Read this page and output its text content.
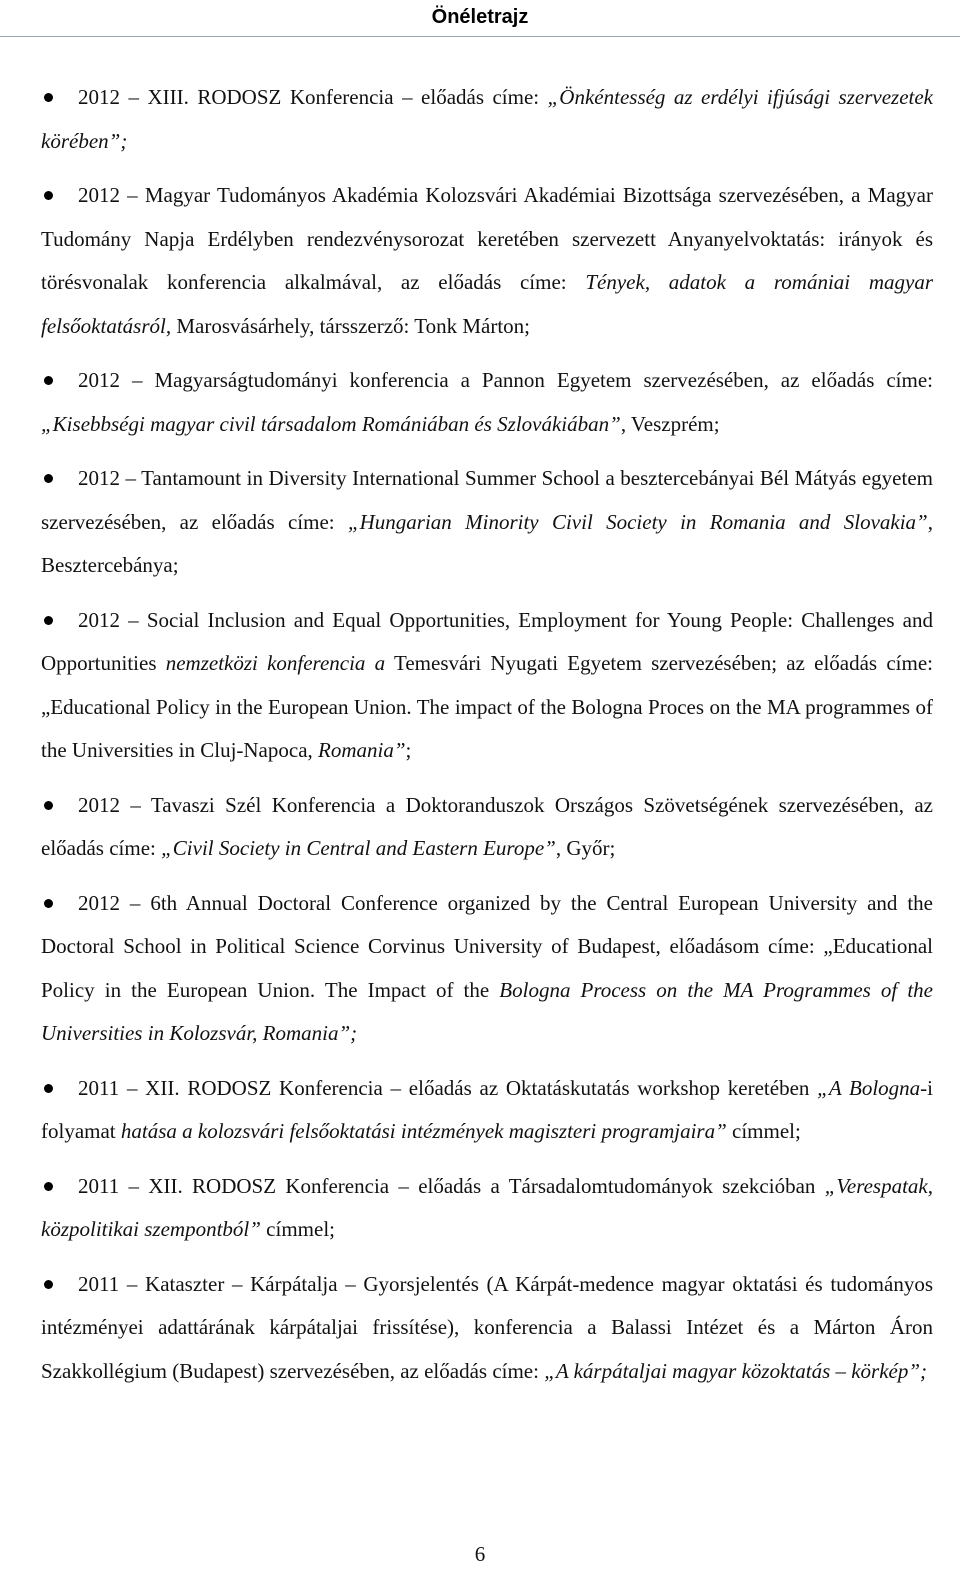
Önéletrajz
2012 – XIII. RODOSZ Konferencia – előadás címe: „Önkéntesség az erdélyi ifjúsági szervezetek körében”;
2012 – Magyar Tudományos Akadémia Kolozsvári Akadémiai Bizottsága szervezésében, a Magyar Tudomány Napja Erdélyben rendezvénysorozat keretében szervezett Anyanyelvoktatás: irányok és törésvonalak konferencia alkalmával, az előadás címe: Tények, adatok a romániai magyar felsőoktatásról, Marosvásárhely, társszerző: Tonk Márton;
2012 – Magyarságtudományi konferencia a Pannon Egyetem szervezésében, az előadás címe: „Kisebbségi magyar civil társadalom Romániában és Szlovákiában”, Veszprém;
2012 – Tantamount in Diversity International Summer School a besztercebányai Bél Mátyás egyetem szervezésében, az előadás címe: „Hungarian Minority Civil Society in Romania and Slovakia”, Besztercebánya;
2012 – Social Inclusion and Equal Opportunities, Employment for Young People: Challenges and Opportunities nemzetközi konferencia a Temesvári Nyugati Egyetem szervezésében; az előadás címe: „Educational Policy in the European Union. The impact of the Bologna Proces on the MA programmes of the Universities in Cluj-Napoca, Romania”;
2012 – Tavaszi Szél Konferencia a Doktoranduszok Országos Szövetségének szervezésében, az előadás címe: „Civil Society in Central and Eastern Europe”, Győr;
2012 – 6th Annual Doctoral Conference organized by the Central European University and the Doctoral School in Political Science Corvinus University of Budapest, előadásom címe: „Educational Policy in the European Union. The Impact of the Bologna Process on the MA Programmes of the Universities in Kolozsvár, Romania”;
2011 – XII. RODOSZ Konferencia – előadás az Oktatáskutatás workshop keretében „A Bologna-i folyamat hatása a kolozsvári felsőoktatási intézmények magiszteri programjaira” címmel;
2011 – XII. RODOSZ Konferencia – előadás a Társadalomtudományok szekcióban „Verespatak, közpolitikai szempontból” címmel;
2011 – Kataszter – Kárpátalja – Gyorsjelentés (A Kárpát-medence magyar oktatási és tudományos intézményei adattárának kárpátaljai frissítése), konferencia a Balassi Intézet és a Márton Áron Szakkollégium (Budapest) szervezésében, az előadás címe: „A kárpátaljai magyar közoktatás – körkép”;
6
